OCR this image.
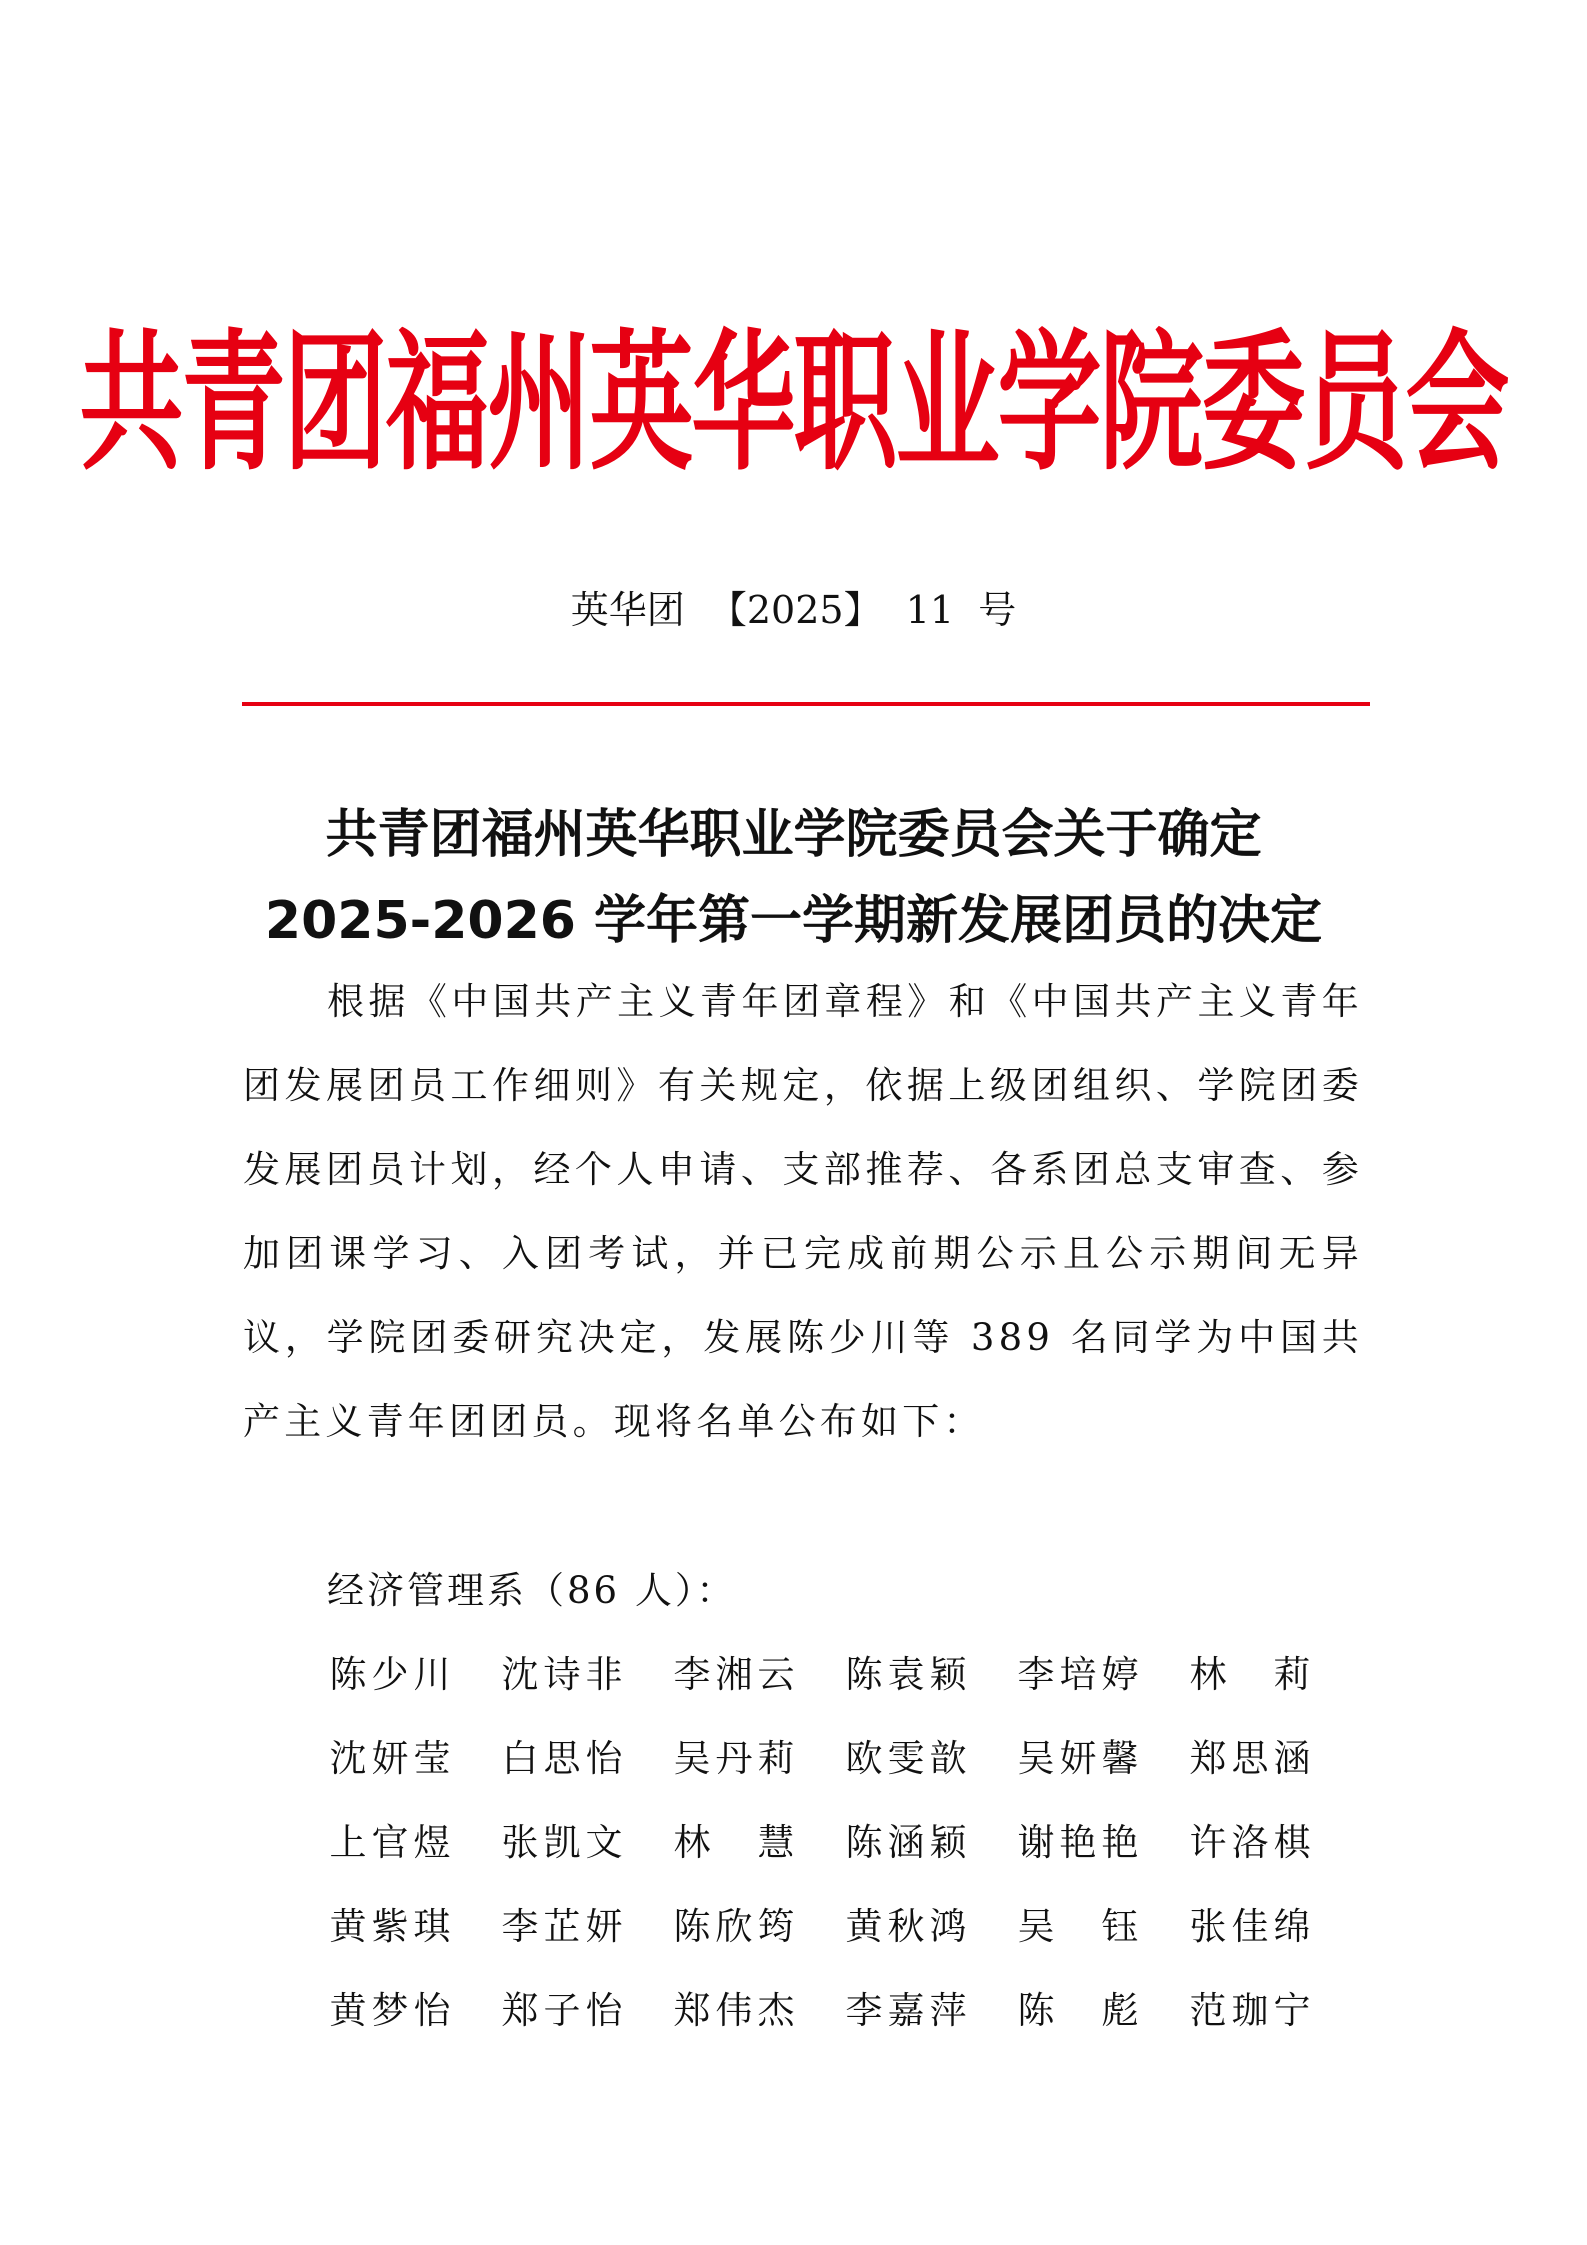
共青团福州英华职业学院委员会
英华团  【2025】  11  号
共青团福州英华职业学院委员会关于确定
2025-2026 学年第一学期新发展团员的决定
根据《中国共产主义青年团章程》和《中国共产主义青年团发展团员工作细则》有关规定，依据上级团组织、学院团委发展团员计划，经个人申请、支部推荐、各系团总支审查、参加团课学习、入团考试，并已完成前期公示且公示期间无异议，学院团委研究决定，发展陈少川等 389 名同学为中国共产主义青年团团员。现将名单公布如下：
经济管理系（86 人）：
陈 少 川	沈 诗 非	李 湘 云	陈 袁 颖	李 培 婷	林　 莉
沈 妍 莹	白 思 怡	吴 丹 莉	欧 雯 歆	吴 妍 馨	郑 思 涵
上 官 煜	张 凯 文	林　 慧	陈 涵 颖	谢 艳 艳	许 洛 棋
黄 紫 琪	李 芷 妍	陈 欣 筠	黄 秋 鸿	吴　 钰	张 佳 绵
黄 梦 怡	郑 子 怡	郑 伟 杰	李 嘉 萍	陈　 彪	范 珈 宁
